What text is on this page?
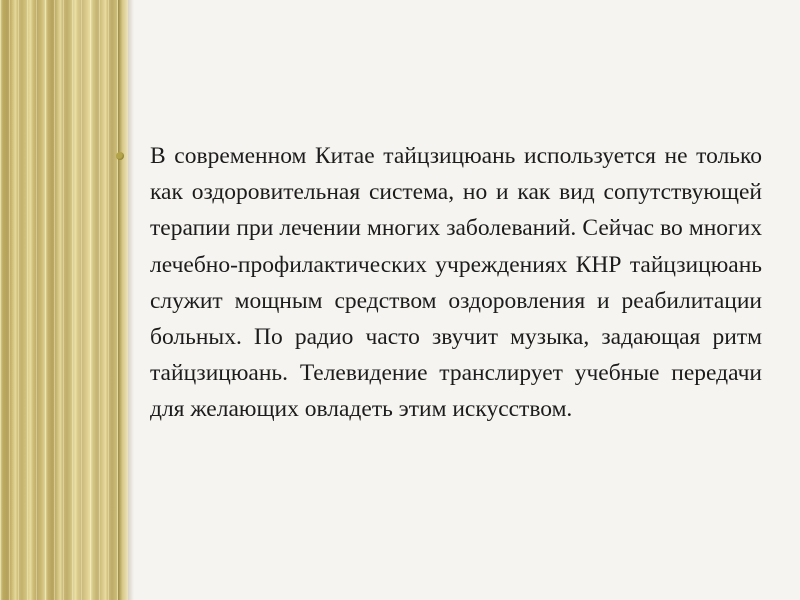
В современном Китае тайцзицюань используется не только как оздоровительная система, но и как вид сопутствующей терапии при лечении многих заболеваний. Сейчас во многих лечебно-профилактических учреждениях КНР тайцзицюань служит мощным средством оздоровления и реабилитации больных. По радио часто звучит музыка, задающая ритм тайцзицюань. Телевидение транслирует учебные передачи для желающих овладеть этим искусством.
